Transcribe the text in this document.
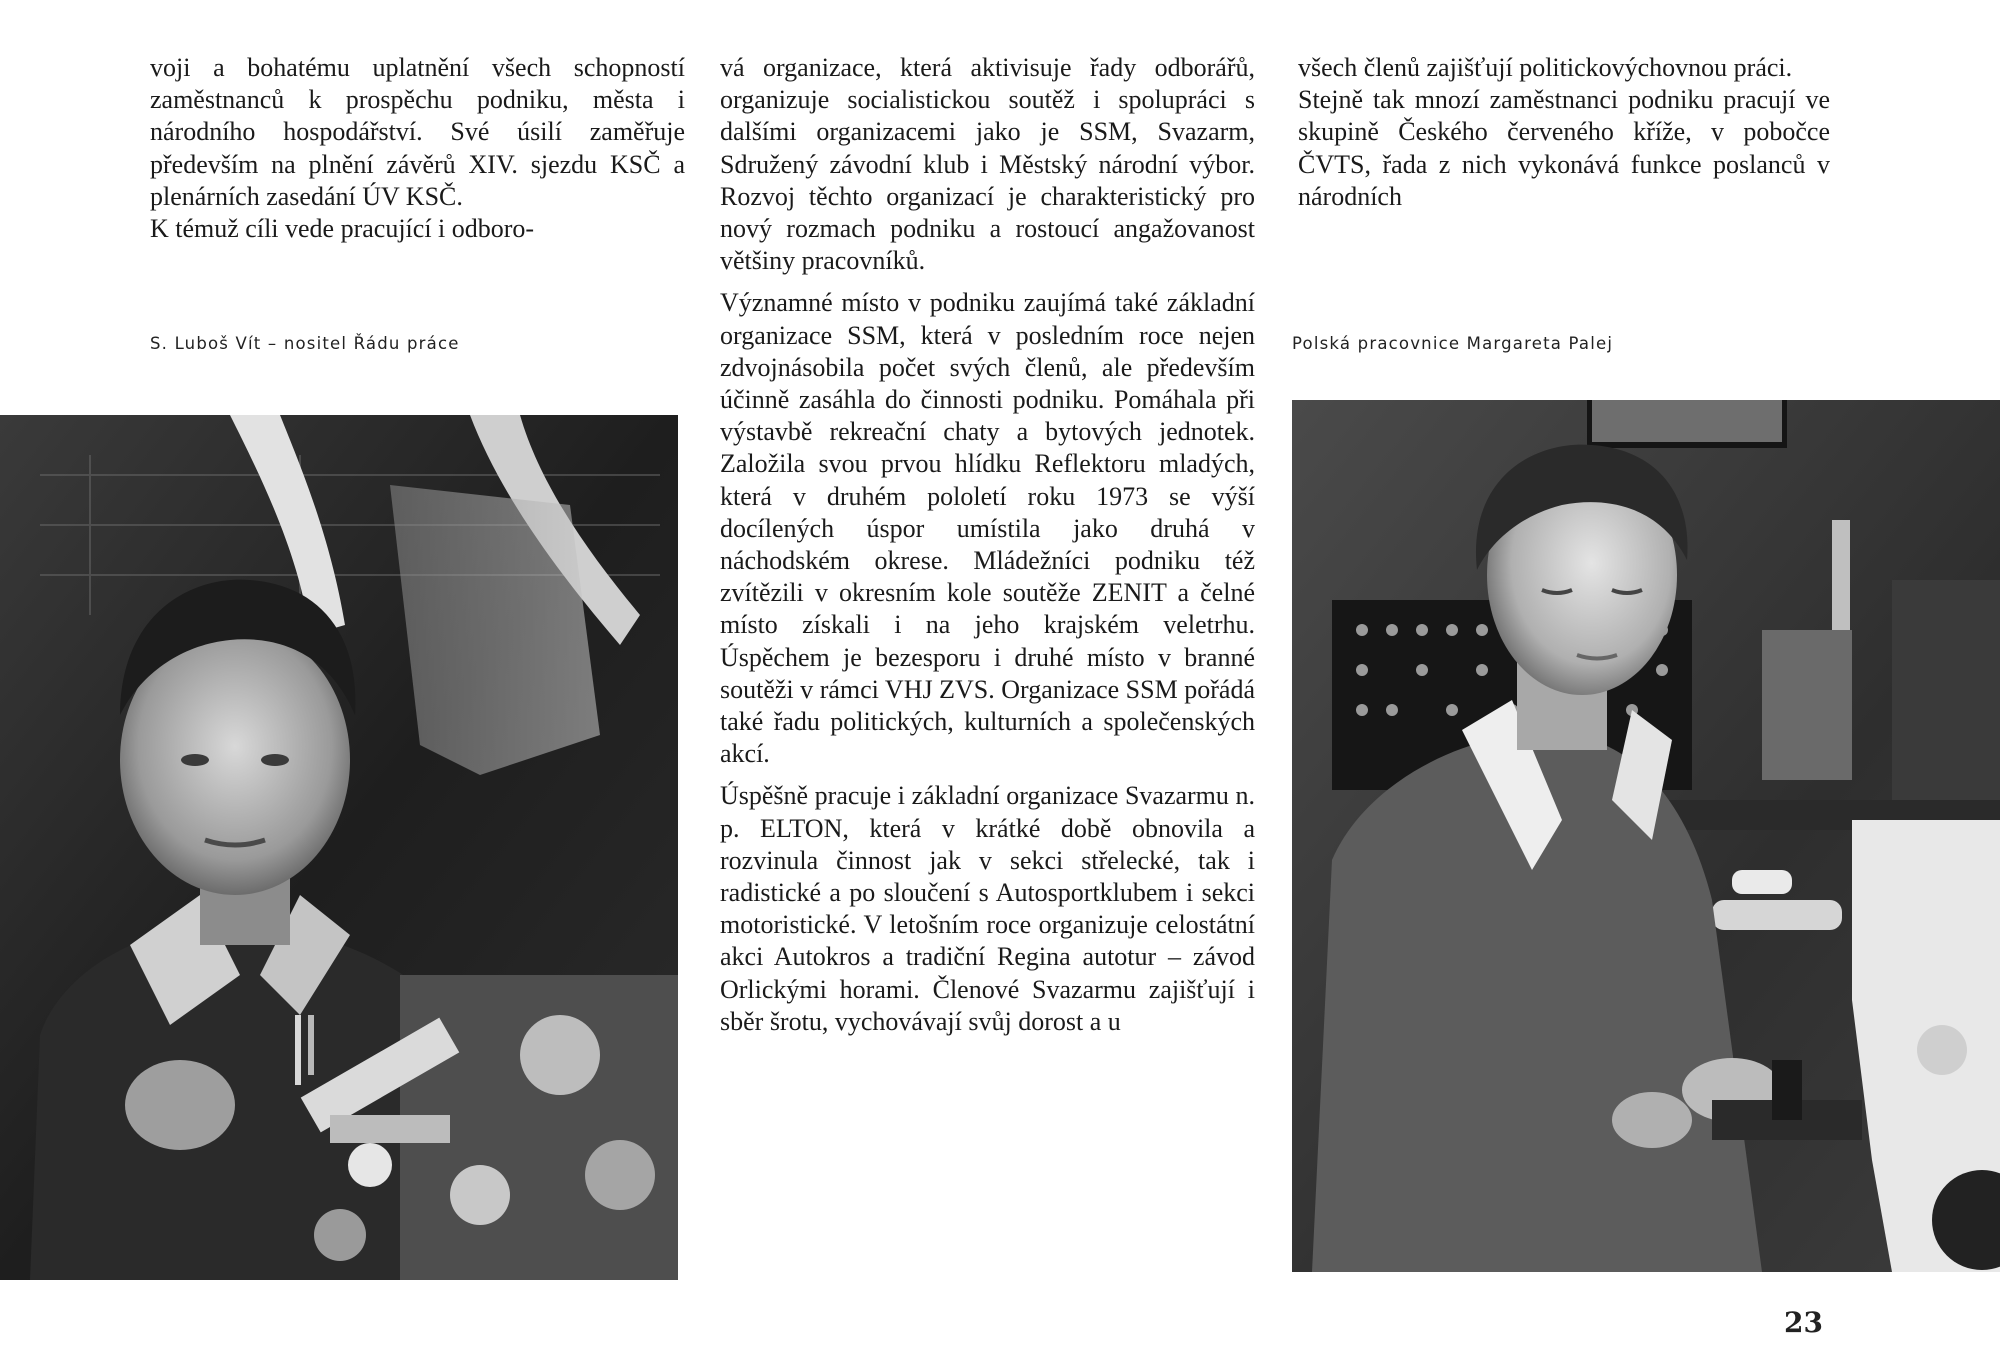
voji a bohatému uplatnění všech schopností zaměstnanců k prospěchu podniku, města i národního hospodářství. Své úsilí zaměřuje především na plnění závěrů XIV. sjezdu KSČ a plenárních zasedání ÚV KSČ.

K témuž cíli vede pracující i odboro-

vá organizace, která aktivisuje řady odborářů, organizuje socialistickou soutěž i spolupráci s dalšími organizacemi jako je SSM, Svazarm, Sdružený závodní klub i Městský národní výbor. Rozvoj těchto organizací je charakteristický pro nový rozmach podniku a rostoucí angažovanost většiny pracovníků.

Významné místo v podniku zaujímá také základní organizace SSM, která v posledním roce nejen zdvojnásobila počet svých členů, ale především účinně zasáhla do činnosti podniku. Pomáhala při výstavbě rekreační chaty a bytových jednotek. Založila svou prvou hlídku Reflektoru mladých, která v druhém pololetí roku 1973 se výší docílených úspor umístila jako druhá v náchodském okrese. Mládežníci podniku též zvítězili v okresním kole soutěže ZENIT a čelné místo získali i na jeho krajském veletrhu. Úspěchem je bezesporu i druhé místo v branné soutěži v rámci VHJ ZVS. Organizace SSM pořádá také řadu politických, kulturních a společenských akcí.

Úspěšně pracuje i základní organizace Svazarmu n. p. ELTON, která v krátké době obnovila a rozvinula činnost jak v sekci střelecké, tak i radistické a po sloučení s Autosportklubem i sekci motoristické. V letošním roce organizuje celostátní akci Autokros a tradiční Regina autotur – závod Orlickými horami. Členové Svazarmu zajišťují i sběr šrotu, vychovávají svůj dorost a u

všech členů zajišťují politickovýchovnou práci.

Stejně tak mnozí zaměstnanci podniku pracují ve skupině Českého červeného kříže, v pobočce ČVTS, řada z nich vykonává funkce poslanců v národních

S. Luboš Vít – nositel Řádu práce	Polská pracovnice Margareta Palej
23
